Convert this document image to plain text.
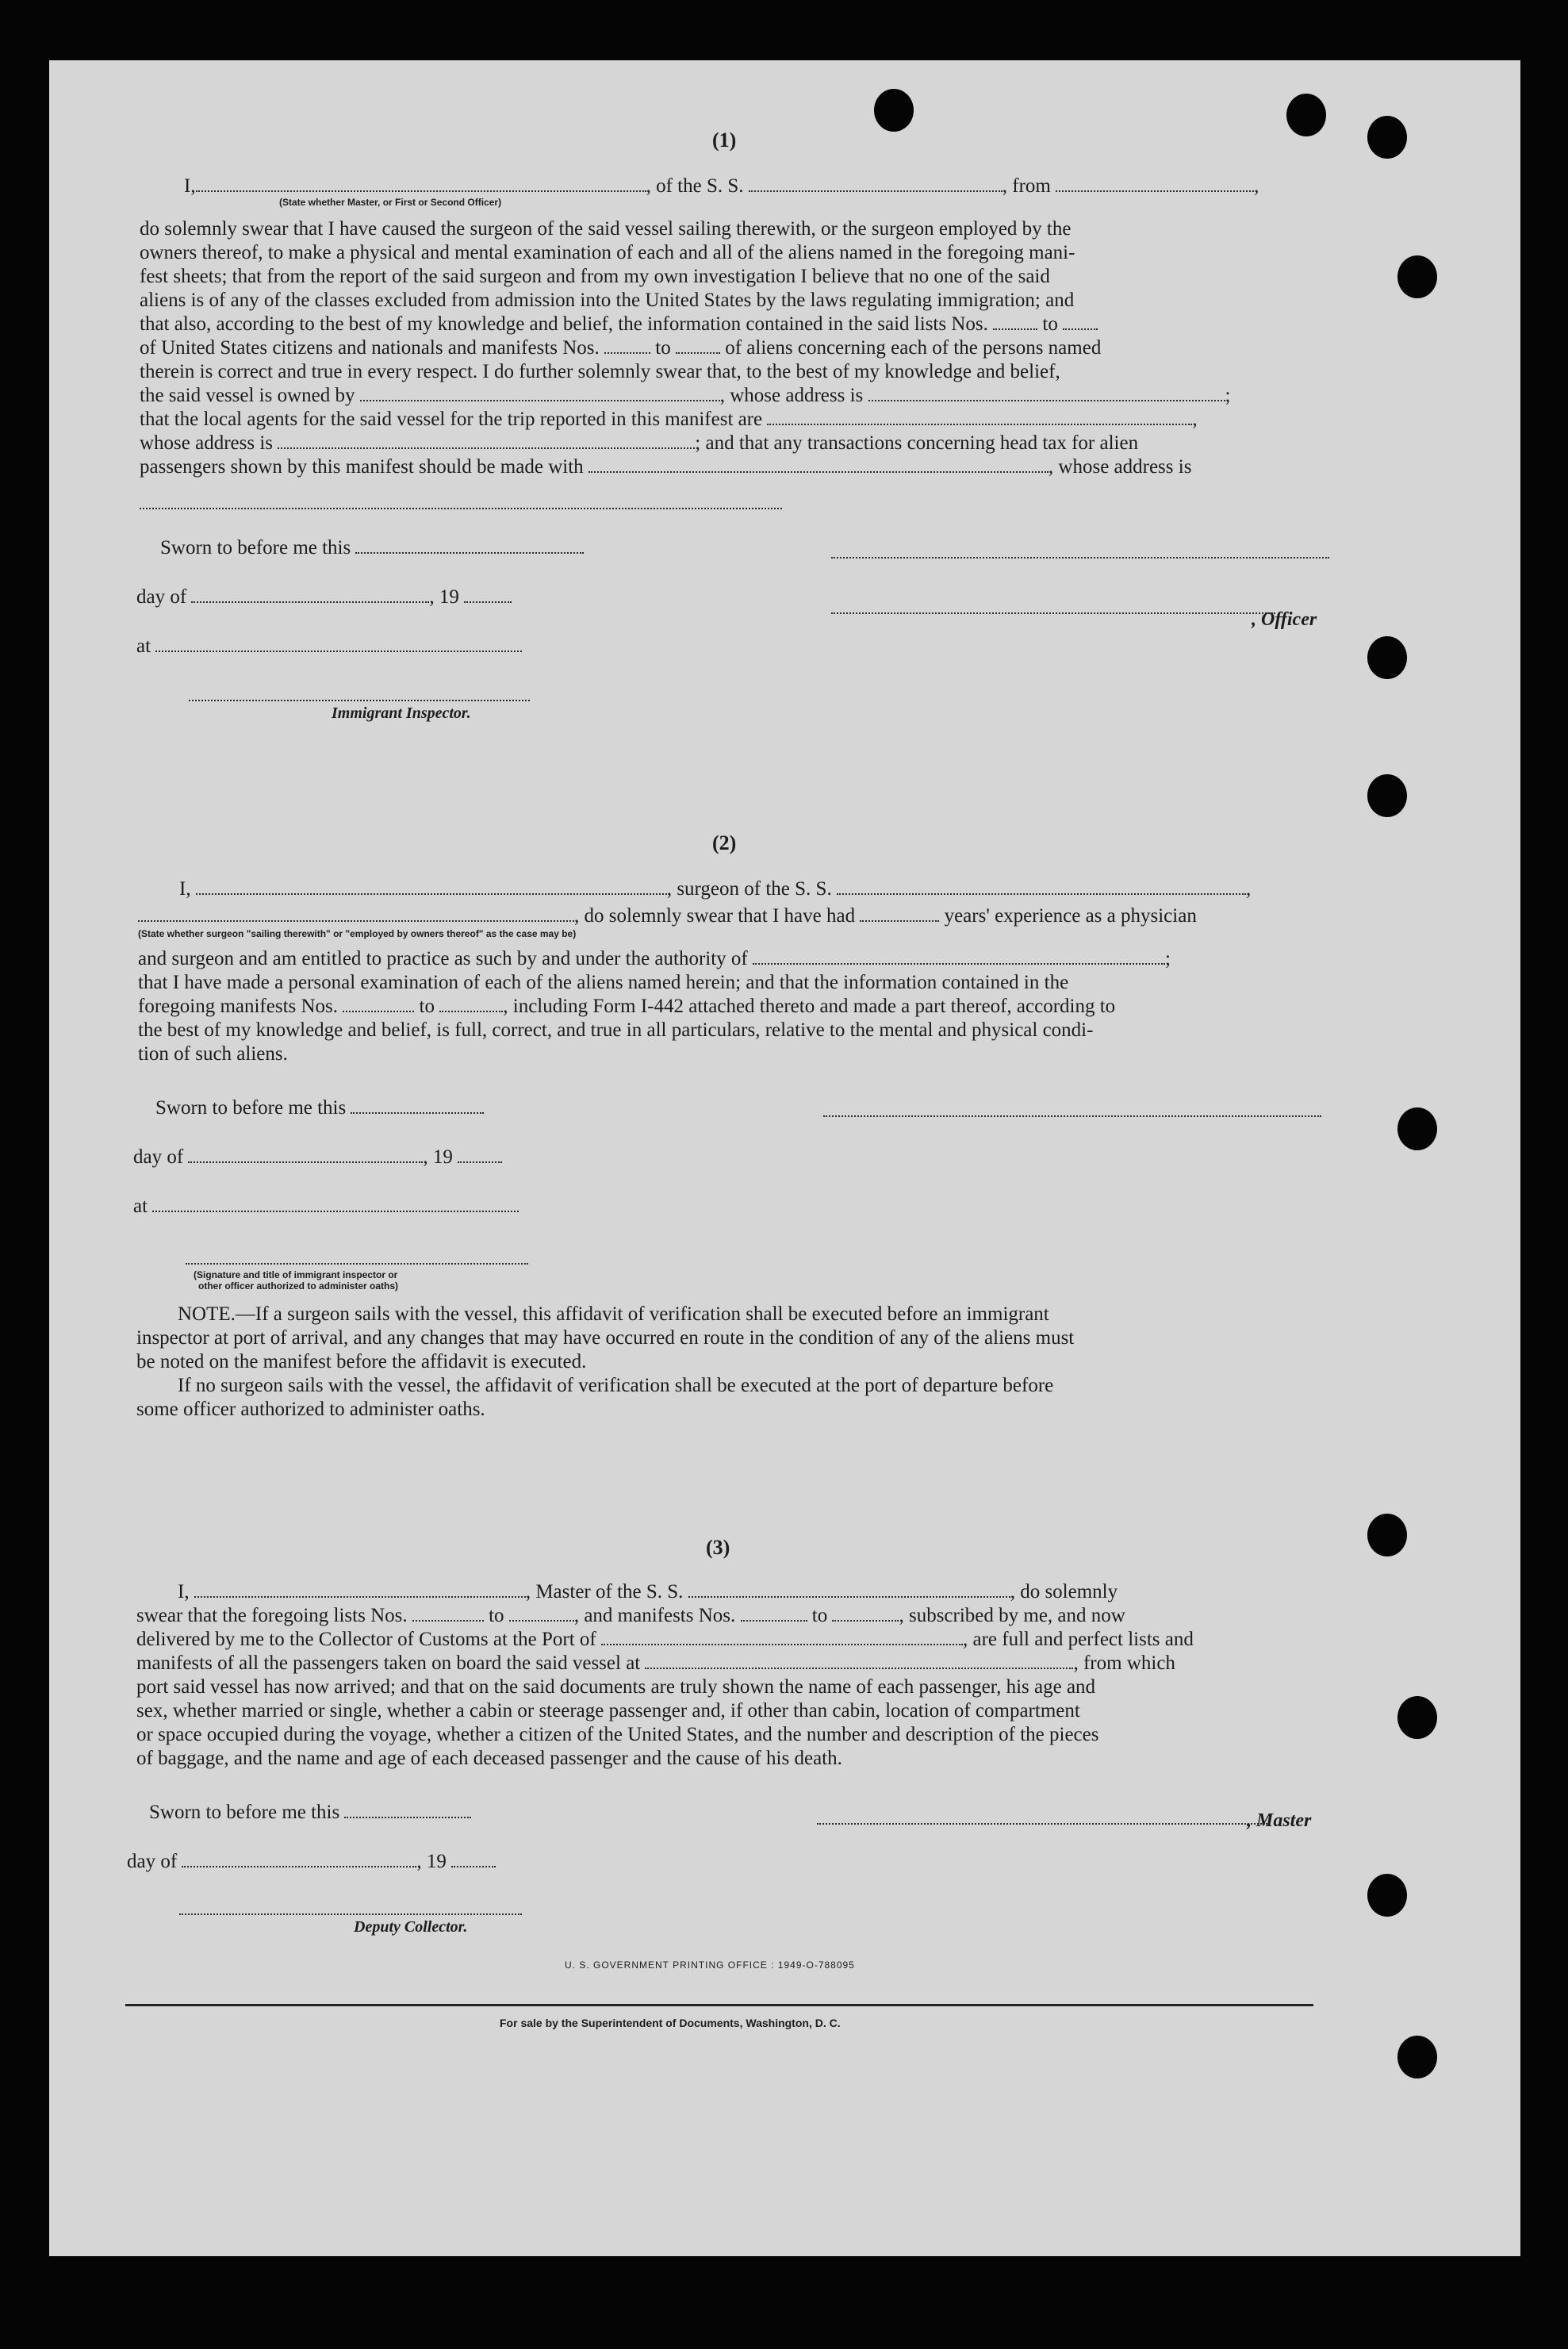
(1)
I,	, of the S. S.	, from	,
(State whether Master, or First or Second Officer)
do solemnly swear that I have caused the surgeon of the said vessel sailing therewith, or the surgeon employed by the
owners thereof, to make a physical and mental examination of each and all of the aliens named in the foregoing mani-
fest sheets; that from the report of the said surgeon and from my own investigation I believe that no one of the said
aliens is of any of the classes excluded from admission into the United States by the laws regulating immigration; and
that also, according to the best of my knowledge and belief, the information contained in the said lists Nos.	to
of United States citizens and nationals and manifests Nos.	to	of aliens concerning each of the persons named
therein is correct and true in every respect. I do further solemnly swear that, to the best of my knowledge and belief,
the said vessel is owned by	, whose address is	;
that the local agents for the said vessel for the trip reported in this manifest are	,
whose address is	; and that any transactions concerning head tax for alien
passengers shown by this manifest should be made with	, whose address is
Sworn to before me this
day of	, 19
, Officer
at
Immigrant Inspector.
(2)
I,	, surgeon of the S. S.	,
, do solemnly swear that I have had	years' experience as a physician
(State whether surgeon "sailing therewith" or "employed by owners thereof" as the case may be)
and surgeon and am entitled to practice as such by and under the authority of	;
that I have made a personal examination of each of the aliens named herein; and that the information contained in the
foregoing manifests Nos.	to	, including Form I-442 attached thereto and made a part thereof, according to
the best of my knowledge and belief, is full, correct, and true in all particulars, relative to the mental and physical condi-
tion of such aliens.
Sworn to before me this
day of	, 19
at
(Signature and title of immigrant inspector or
other officer authorized to administer oaths)
NOTE.—If a surgeon sails with the vessel, this affidavit of verification shall be executed before an immigrant
inspector at port of arrival, and any changes that may have occurred en route in the condition of any of the aliens must
be noted on the manifest before the affidavit is executed.
If no surgeon sails with the vessel, the affidavit of verification shall be executed at the port of departure before
some officer authorized to administer oaths.
(3)
I,	, Master of the S. S.	, do solemnly
swear that the foregoing lists Nos.	to	, and manifests Nos.	to	, subscribed by me, and now
delivered by me to the Collector of Customs at the Port of	, are full and perfect lists and
manifests of all the passengers taken on board the said vessel at	, from which
port said vessel has now arrived; and that on the said documents are truly shown the name of each passenger, his age and
sex, whether married or single, whether a cabin or steerage passenger and, if other than cabin, location of compartment
or space occupied during the voyage, whether a citizen of the United States, and the number and description of the pieces
of baggage, and the name and age of each deceased passenger and the cause of his death.
Sworn to before me this	, Master
day of	, 19
Deputy Collector.
U. S. GOVERNMENT PRINTING OFFICE : 1949-O-788095
For sale by the Superintendent of Documents, Washington, D. C.
